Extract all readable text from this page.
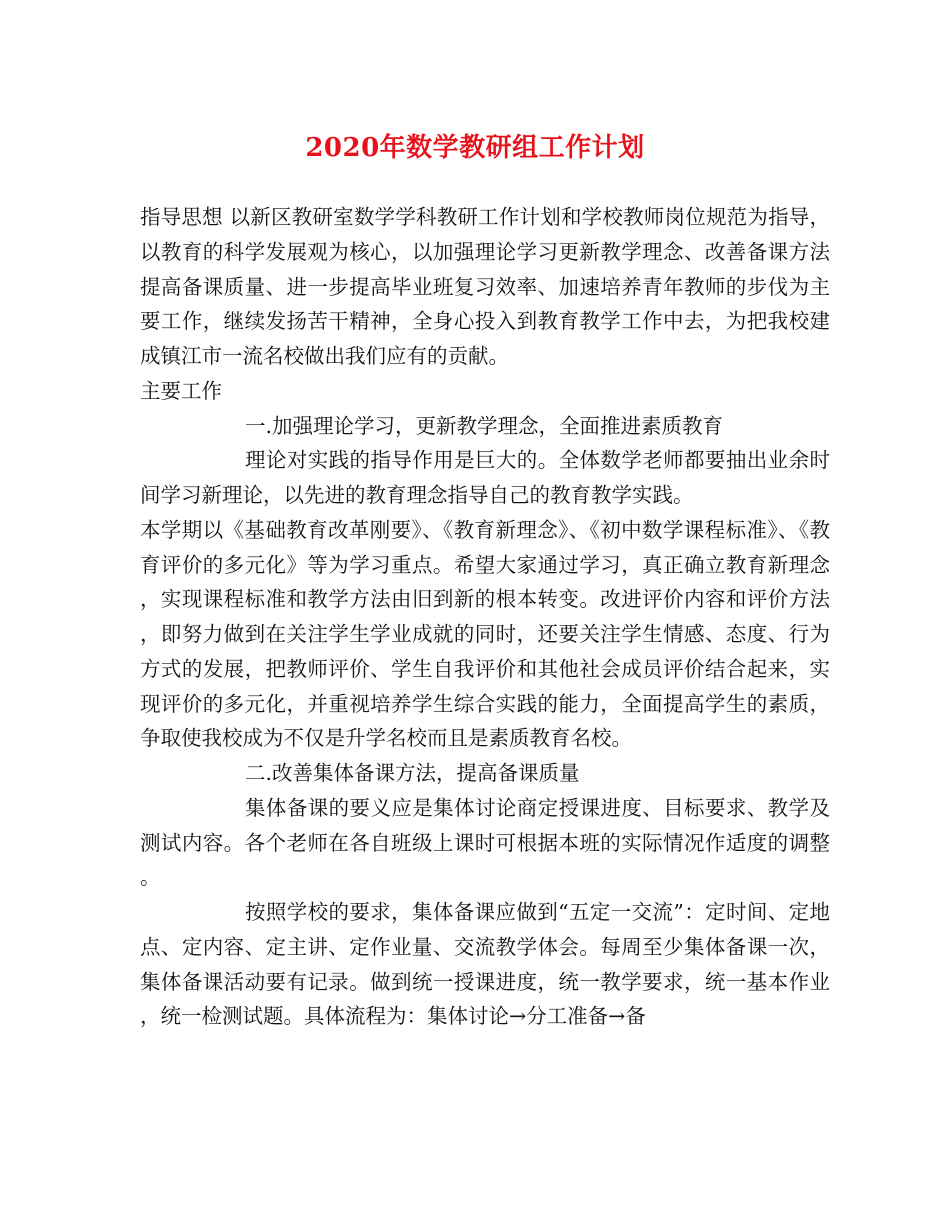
2020年数学教研组工作计划

指导思想 以新区教研室数学学科教研工作计划和学校教师岗位规范为指导，以教育的科学发展观为核心，以加强理论学习更新教学理念、改善备课方法提高备课质量、进一步提高毕业班复习效率、加速培养青年教师的步伐为主要工作，继续发扬苦干精神，全身心投入到教育教学工作中去，为把我校建成镇江市一流名校做出我们应有的贡献。

主要工作

一.加强理论学习，更新教学理念，全面推进素质教育

理论对实践的指导作用是巨大的。全体数学老师都要抽出业余时间学习新理论，以先进的教育理念指导自己的教育教学实践。

本学期以《基础教育改革刚要》、《教育新理念》、《初中数学课程标准》、《教育评价的多元化》等为学习重点。希望大家通过学习，真正确立教育新理念，实现课程标准和教学方法由旧到新的根本转变。改进评价内容和评价方法，即努力做到在关注学生学业成就的同时，还要关注学生情感、态度、行为方式的发展，把教师评价、学生自我评价和其他社会成员评价结合起来，实现评价的多元化，并重视培养学生综合实践的能力，全面提高学生的素质，争取使我校成为不仅是升学名校而且是素质教育名校。

二.改善集体备课方法，提高备课质量

集体备课的要义应是集体讨论商定授课进度、目标要求、教学及测试内容。各个老师在各自班级上课时可根据本班的实际情况作适度的调整。

按照学校的要求，集体备课应做到“五定一交流”：定时间、定地点、定内容、定主讲、定作业量、交流教学体会。每周至少集体备课一次，集体备课活动要有记录。做到统一授课进度，统一教学要求，统一基本作业，统一检测试题。具体流程为：集体讨论→分工准备→备
